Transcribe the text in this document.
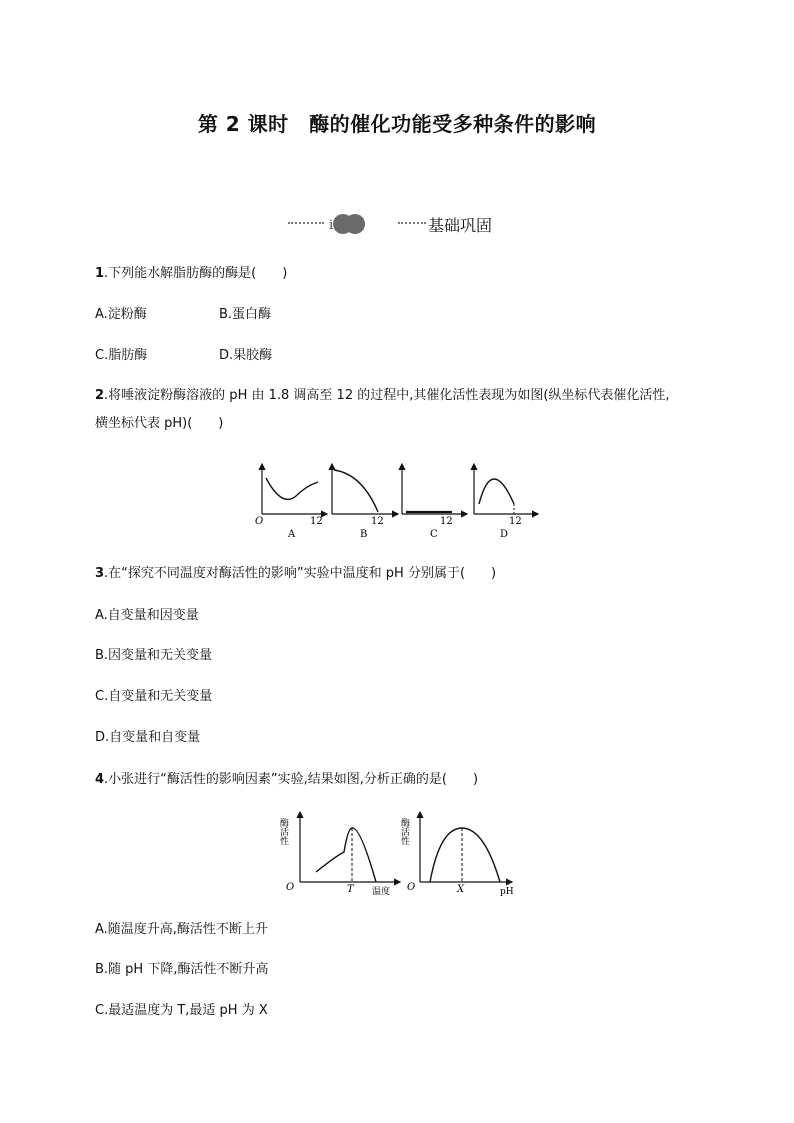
第 2 课时　酶的催化功能受多种条件的影响
i	基础巩固
1.下列能水解脂肪酶的酶是(　　)
A.淀粉酶	B.蛋白酶
C.脂肪酶	D.果胶酶
2.将唾液淀粉酶溶液的 pH 由 1.8 调高至 12 的过程中,其催化活性表现为如图(纵坐标代表催化活性,
横坐标代表 pH)(　　)
O	12
A
12
B
12
C
12
D
3.在“探究不同温度对酶活性的影响”实验中温度和 pH 分别属于(　　)
A.自变量和因变量
B.因变量和无关变量
C.自变量和无关变量
D.自变量和自变量
4.小张进行“酶活性的影响因素”实验,结果如图,分析正确的是(　　)
酶活性
O	T 温度
酶活性
O	X	pH
A.随温度升高,酶活性不断上升
B.随 pH 下降,酶活性不断升高
C.最适温度为 T,最适 pH 为 X
